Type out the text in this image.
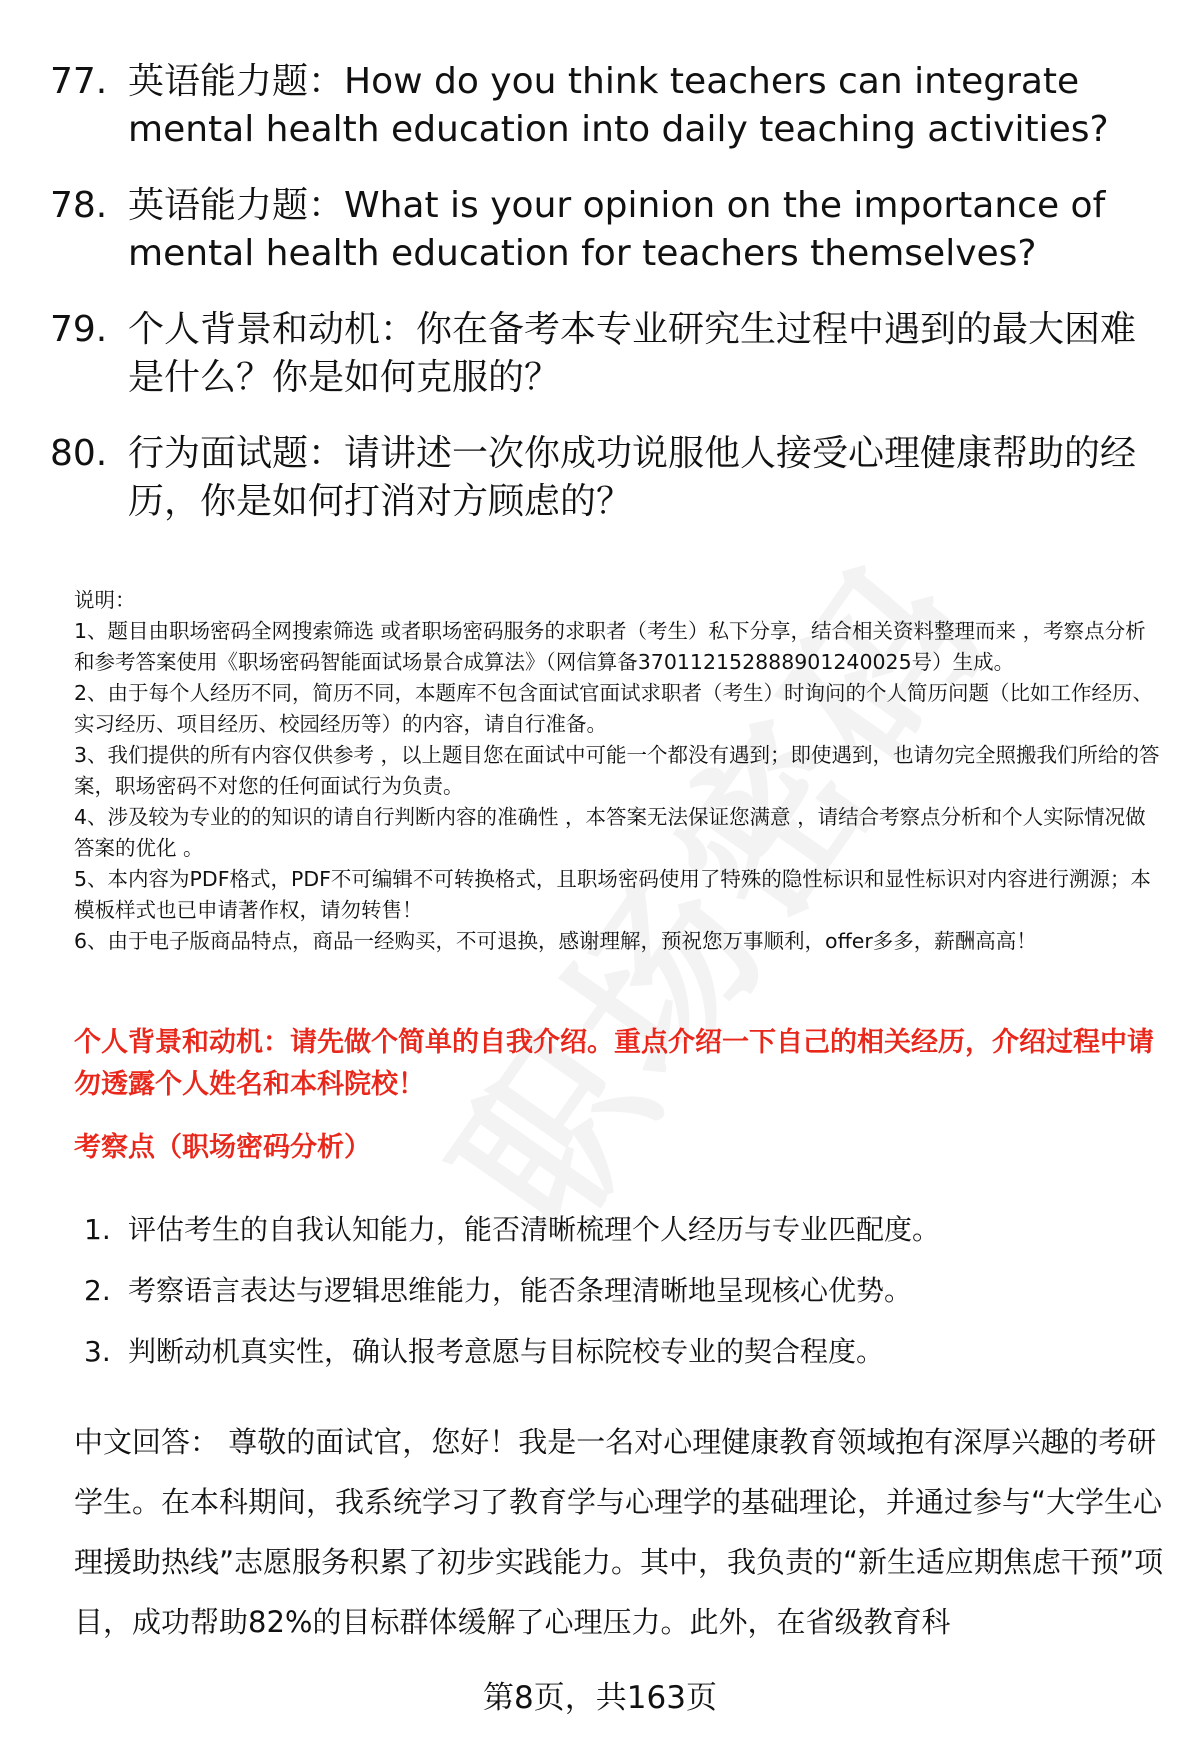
77. 英语能力题：How do you think teachers can integrate mental health education into daily teaching activities?
78. 英语能力题：What is your opinion on the importance of mental health education for teachers themselves?
79. 个人背景和动机：你在备考本专业研究生过程中遇到的最大困难是什么？你是如何克服的？
80. 行为面试题：请讲述一次你成功说服他人接受心理健康帮助的经历，你是如何打消对方顾虑的？
说明：
1、题目由职场密码全网搜索筛选 或者职场密码服务的求职者（考生）私下分享，结合相关资料整理而来 ，考察点分析和参考答案使用《职场密码智能面试场景合成算法》（网信算备370112152888901240025号）生成。
2、由于每个人经历不同，简历不同，本题库不包含面试官面试求职者（考生）时询问的个人简历问题（比如工作经历、实习经历、项目经历、校园经历等）的内容，请自行准备。
3、我们提供的所有内容仅供参考 ，以上题目您在面试中可能一个都没有遇到；即使遇到，也请勿完全照搬我们所给的答案，职场密码不对您的任何面试行为负责。
4、涉及较为专业的的知识的请自行判断内容的准确性 ，本答案无法保证您满意 ，请结合考察点分析和个人实际情况做答案的优化 。
5、本内容为PDF格式，PDF不可编辑不可转换格式，且职场密码使用了特殊的隐性标识和显性标识对内容进行溯源；本模板样式也已申请著作权，请勿转售！
6、由于电子版商品特点，商品一经购买，不可退换，感谢理解，预祝您万事顺利，offer多多，薪酬高高！
个人背景和动机：请先做个简单的自我介绍。重点介绍一下自己的相关经历，介绍过程中请勿透露个人姓名和本科院校！
考察点（职场密码分析）
1. 评估考生的自我认知能力，能否清晰梳理个人经历与专业匹配度。
2. 考察语言表达与逻辑思维能力，能否条理清晰地呈现核心优势。
3. 判断动机真实性，确认报考意愿与目标院校专业的契合程度。
中文回答： 尊敬的面试官，您好！我是一名对心理健康教育领域抱有深厚兴趣的考研学生。在本科期间，我系统学习了教育学与心理学的基础理论，并通过参与“大学生心理援助热线”志愿服务积累了初步实践能力。其中，我负责的“新生适应期焦虑干预”项目，成功帮助82%的目标群体缓解了心理压力。此外，在省级教育科
第8页，共163页
